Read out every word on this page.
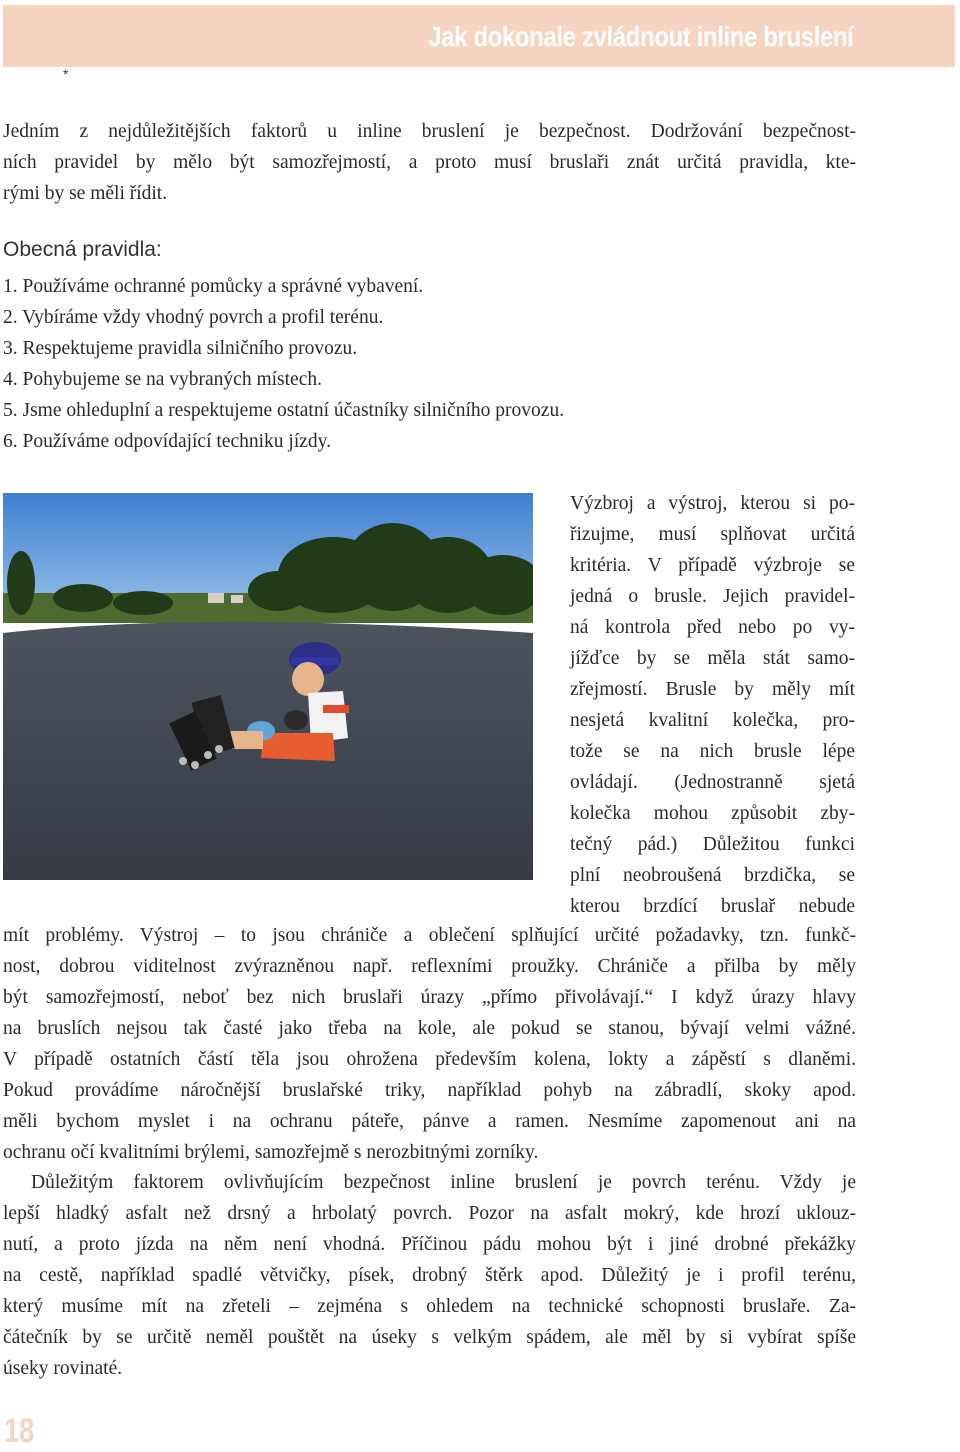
Jak dokonale zvládnout inline bruslení
*
Jedním z nejdůležitějších faktorů u inline bruslení je bezpečnost. Dodržování bezpečnost-
ních pravidel by mělo být samozřejmostí, a proto musí bruslaři znát určitá pravidla, kte-
rými by se měli řídit.
Obecná pravidla:
1. Používáme ochranné pomůcky a správné vybavení.
2. Vybíráme vždy vhodný povrch a profil terénu.
3. Respektujeme pravidla silničního provozu.
4. Pohybujeme se na vybraných místech.
5. Jsme ohleduplní a respektujeme ostatní účastníky silničního provozu.
6. Používáme odpovídající techniku jízdy.
Výzbroj a výstroj, kterou si po-
řizujme, musí splňovat určitá
kritéria. V případě výzbroje se
jedná o brusle. Jejich pravidel-
ná kontrola před nebo po vy-
jížďce by se měla stát samo-
zřejmostí. Brusle by měly mít
nesjetá kvalitní kolečka, pro-
tože se na nich brusle lépe
ovládají. (Jednostranně sjetá
kolečka mohou způsobit zby-
tečný pád.) Důležitou funkci
plní neobroušená brzdička, se
kterou brzdící bruslař nebude
mít problémy. Výstroj – to jsou chrániče a oblečení splňující určité požadavky, tzn. funkč-
nost, dobrou viditelnost zvýrazněnou např. reflexními proužky. Chrániče a přilba by měly
být samozřejmostí, neboť bez nich bruslaři úrazy „přímo přivolávají.“ I když úrazy hlavy
na bruslích nejsou tak časté jako třeba na kole, ale pokud se stanou, bývají velmi vážné.
V případě ostatních částí těla jsou ohrožena především kolena, lokty a zápěstí s dlaněmi.
Pokud provádíme náročnější bruslařské triky, například pohyb na zábradlí, skoky apod.
měli bychom myslet i na ochranu páteře, pánve a ramen. Nesmíme zapomenout ani na
ochranu očí kvalitními brýlemi, samozřejmě s nerozbitnými zorníky.
Důležitým faktorem ovlivňujícím bezpečnost inline bruslení je povrch terénu. Vždy je
lepší hladký asfalt než drsný a hrbolatý povrch. Pozor na asfalt mokrý, kde hrozí uklouz-
nutí, a proto jízda na něm není vhodná. Příčinou pádu mohou být i jiné drobné překážky
na cestě, například spadlé větvičky, písek, drobný štěrk apod. Důležitý je i profil terénu,
který musíme mít na zřeteli – zejména s ohledem na technické schopnosti bruslaře. Za-
čátečník by se určitě neměl pouštět na úseky s velkým spádem, ale měl by si vybírat spíše
úseky rovinaté.
18
